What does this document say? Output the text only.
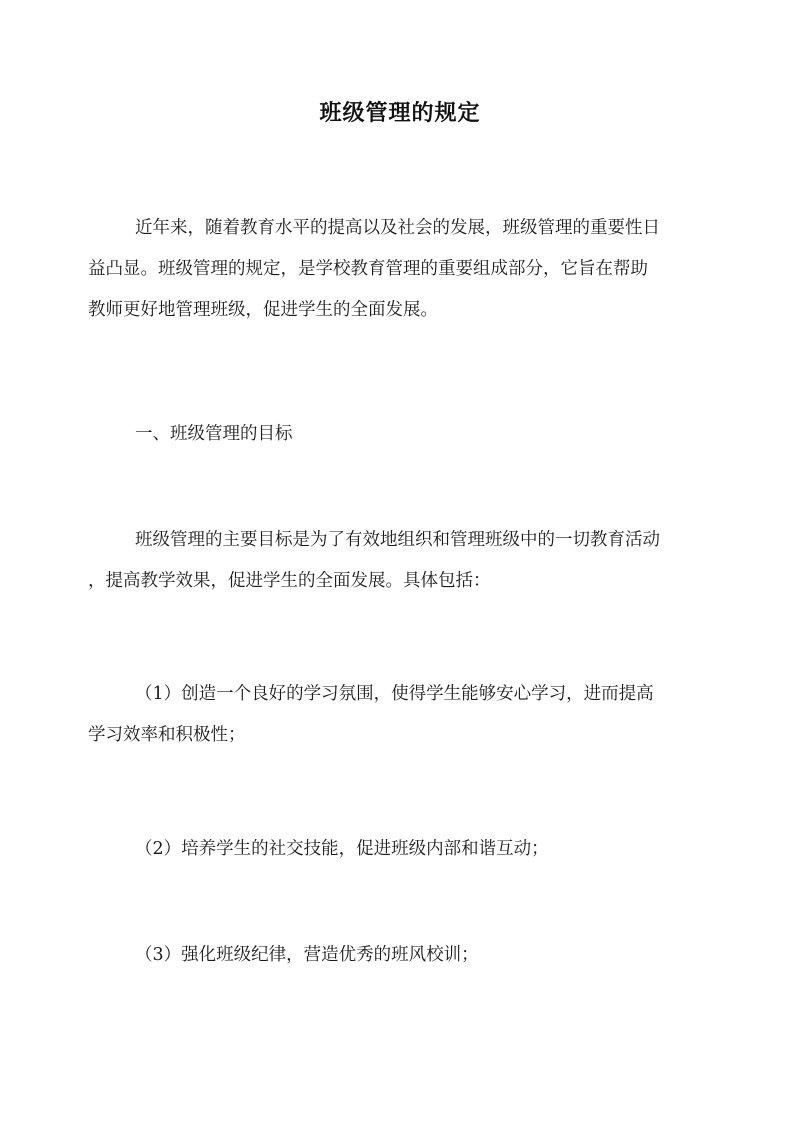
班级管理的规定
近年来，随着教育水平的提高以及社会的发展，班级管理的重要性日
益凸显。班级管理的规定，是学校教育管理的重要组成部分，它旨在帮助
教师更好地管理班级，促进学生的全面发展。
一、班级管理的目标
班级管理的主要目标是为了有效地组织和管理班级中的一切教育活动
，提高教学效果，促进学生的全面发展。具体包括：
（1）创造一个良好的学习氛围，使得学生能够安心学习，进而提高
学习效率和积极性；
（2）培养学生的社交技能，促进班级内部和谐互动；
（3）强化班级纪律，营造优秀的班风校训；
